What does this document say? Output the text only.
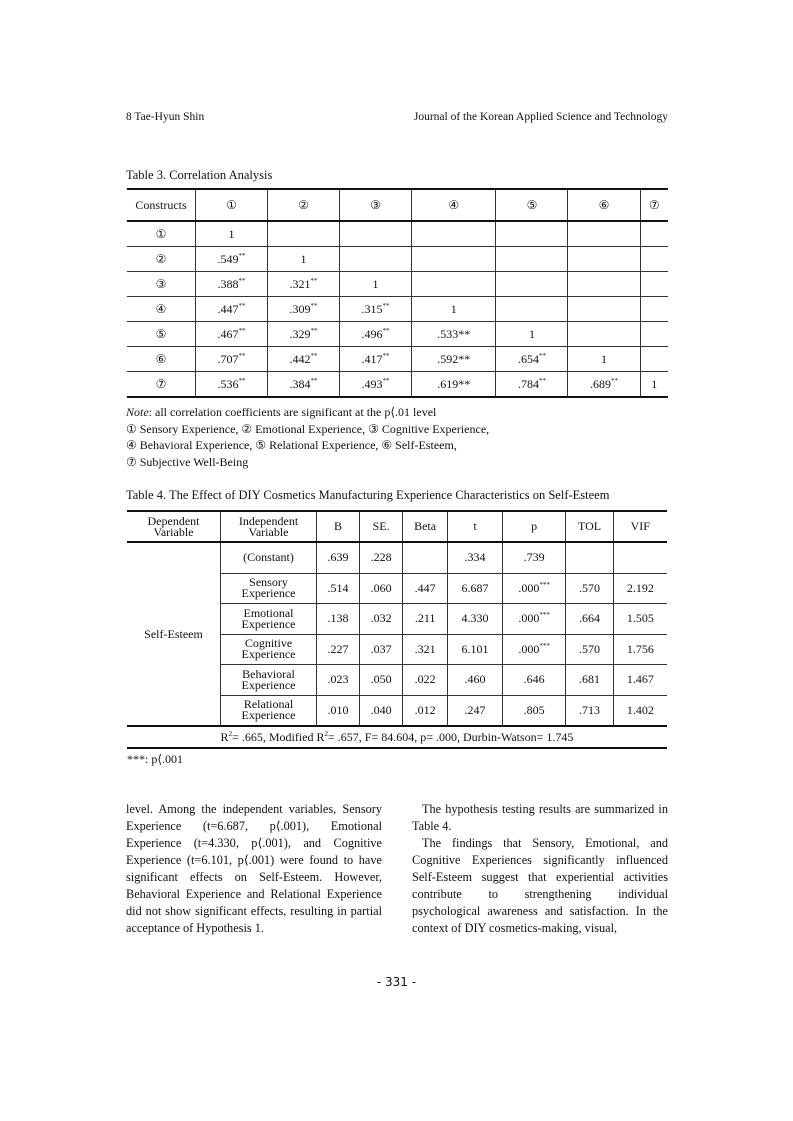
8 Tae-Hyun Shin	Journal of the Korean Applied Science and Technology
Table 3. Correlation Analysis
Constructs	①	②	③	④	⑤	⑥	⑦
①	1						
②	.549**	1					
③	.388**	.321**	1				
④	.447**	.309**	.315**	1			
⑤	.467**	.329**	.496**	.533**	1		
⑥	.707**	.442**	.417**	.592**	.654**	1	
⑦	.536**	.384**	.493**	.619**	.784**	.689**	1
Note: all correlation coefficients are significant at the p⟨.01 level
① Sensory Experience, ② Emotional Experience, ③ Cognitive Experience,
④ Behavioral Experience, ⑤ Relational Experience, ⑥ Self-Esteem,
⑦ Subjective Well-Being
Table 4. The Effect of DIY Cosmetics Manufacturing Experience Characteristics on Self-Esteem
Dependent
Variable	Independent
Variable	B	SE.	Beta	t	p	TOL	VIF
Self-Esteem	(Constant)	.639	.228		.334	.739		
	Sensory
Experience	.514	.060	.447	6.687	.000***	.570	2.192
	Emotional
Experience	.138	.032	.211	4.330	.000***	.664	1.505
	Cognitive
Experience	.227	.037	.321	6.101	.000***	.570	1.756
	Behavioral
Experience	.023	.050	.022	.460	.646	.681	1.467
	Relational
Experience	.010	.040	.012	.247	.805	.713	1.402
$R^2= .665$, Modified $R^2= .657$, F= 84.604, p= .000, Durbin-Watson= 1.745								
***: p⟨.001

level. Among the independent variables, Sensory Experience (t=6.687, p⟨.001), Emotional Experience (t=4.330, p⟨.001), and Cognitive Experience (t=6.101, p⟨.001) were found to have significant effects on Self-Esteem. However, Behavioral Experience and Relational Experience did not show significant effects, resulting in partial acceptance of Hypothesis 1.

The hypothesis testing results are summarized in Table 4.

The findings that Sensory, Emotional, and Cognitive Experiences significantly influenced Self-Esteem suggest that experiential activities contribute to strengthening individual psychological awareness and satisfaction. In the context of DIY cosmetics-making, visual,

- 331 -
